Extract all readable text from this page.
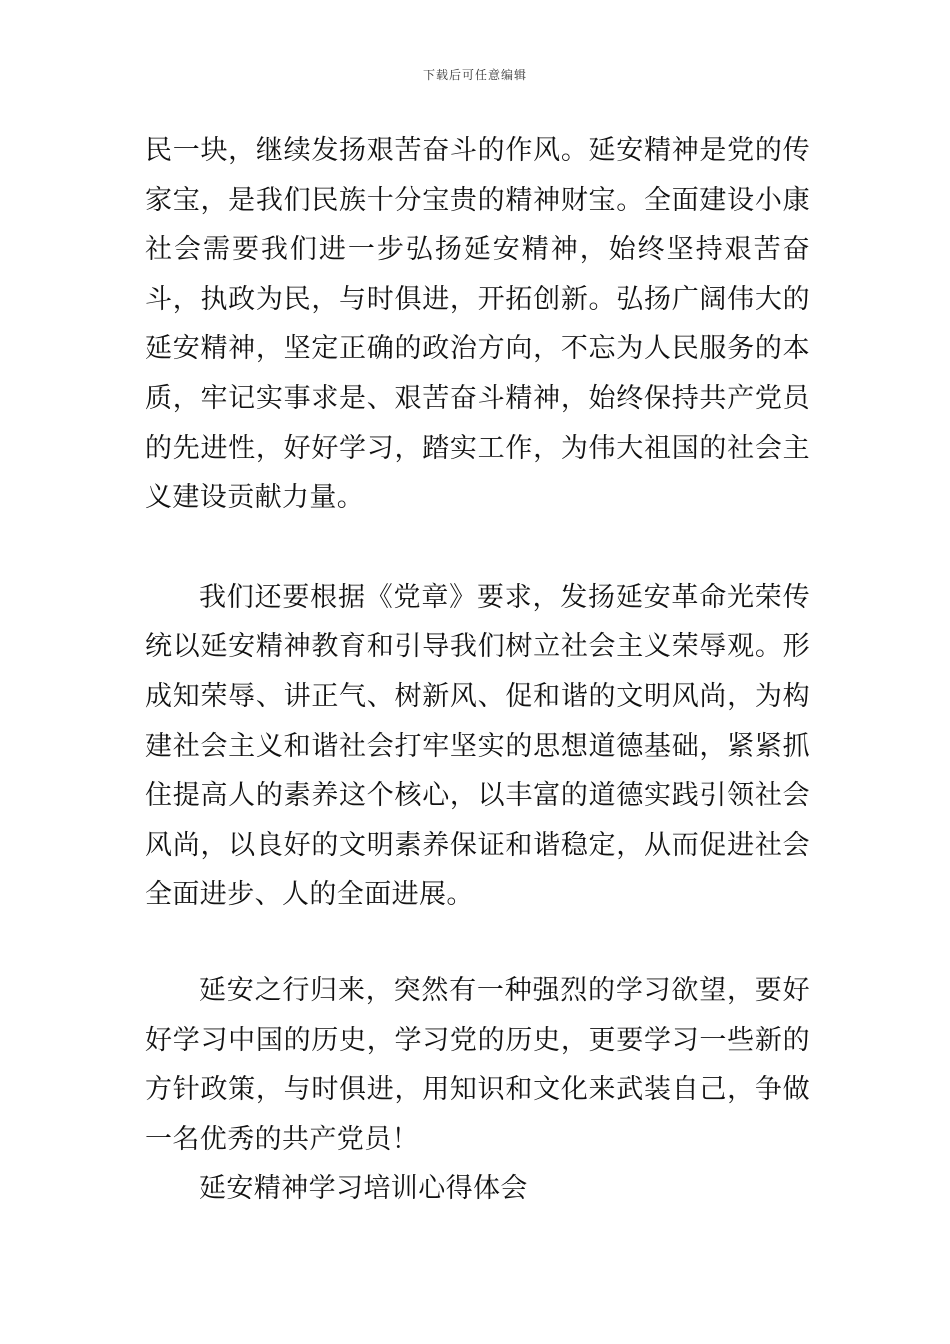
下载后可任意编辑

民一块，继续发扬艰苦奋斗的作风。延安精神是党的传家宝，是我们民族十分宝贵的精神财宝。全面建设小康社会需要我们进一步弘扬延安精神，始终坚持艰苦奋斗，执政为民，与时俱进，开拓创新。弘扬广阔伟大的延安精神，坚定正确的政治方向，不忘为人民服务的本质，牢记实事求是、艰苦奋斗精神，始终保持共产党员的先进性，好好学习，踏实工作，为伟大祖国的社会主义建设贡献力量。

我们还要根据《党章》要求，发扬延安革命光荣传统以延安精神教育和引导我们树立社会主义荣辱观。形成知荣辱、讲正气、树新风、促和谐的文明风尚，为构建社会主义和谐社会打牢坚实的思想道德基础，紧紧抓住提高人的素养这个核心，以丰富的道德实践引领社会风尚，以良好的文明素养保证和谐稳定，从而促进社会全面进步、人的全面进展。

延安之行归来，突然有一种强烈的学习欲望，要好好学习中国的历史，学习党的历史，更要学习一些新的方针政策，与时俱进，用知识和文化来武装自己，争做一名优秀的共产党员！

延安精神学习培训心得体会
